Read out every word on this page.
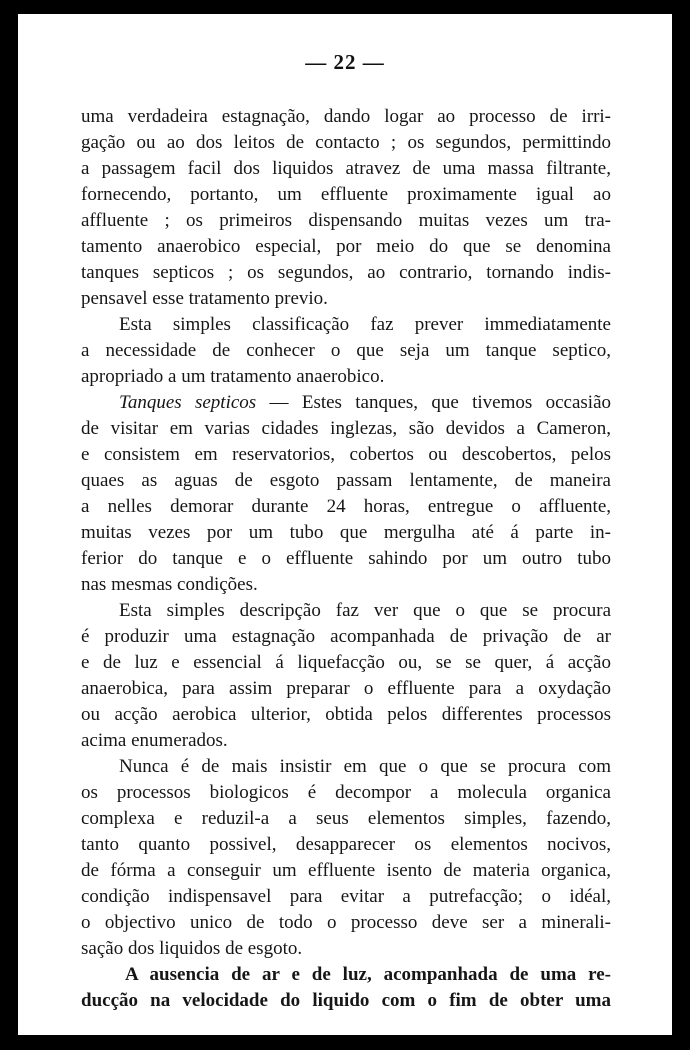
— 22 —
uma verdadeira estagnação, dando logar ao processo de irri-
gação ou ao dos leitos de contacto ; os segundos, permittindo
a passagem facil dos liquidos atravez de uma massa filtrante,
fornecendo, portanto, um effluente proximamente igual ao
affluente ; os primeiros dispensando muitas vezes um tra-
tamento anaerobico especial, por meio do que se denomina
tanques septicos ; os segundos, ao contrario, tornando indis-
pensavel esse tratamento previo.
Esta simples classificação faz prever immediatamente
a necessidade de conhecer o que seja um tanque septico,
apropriado a um tratamento anaerobico.
Tanques septicos — Estes tanques, que tivemos occasião
de visitar em varias cidades inglezas, são devidos a Cameron,
e consistem em reservatorios, cobertos ou descobertos, pelos
quaes as aguas de esgoto passam lentamente, de maneira
a nelles demorar durante 24 horas, entregue o affluente,
muitas vezes por um tubo que mergulha até á parte in-
ferior do tanque e o effluente sahindo por um outro tubo
nas mesmas condições.
Esta simples descripção faz ver que o que se procura
é produzir uma estagnação acompanhada de privação de ar
e de luz e essencial á liquefacção ou, se se quer, á acção
anaerobica, para assim preparar o effluente para a oxydação
ou acção aerobica ulterior, obtida pelos differentes processos
acima enumerados.
Nunca é de mais insistir em que o que se procura com
os processos biologicos é decompor a molecula organica
complexa e reduzil-a a seus elementos simples, fazendo,
tanto quanto possivel, desapparecer os elementos nocivos,
de fórma a conseguir um effluente isento de materia organica,
condição indispensavel para evitar a putrefacção; o idéal,
o objectivo unico de todo o processo deve ser a minerali-
sação dos liquidos de esgoto.
A ausencia de ar e de luz, acompanhada de uma re-
ducção na velocidade do liquido com o fim de obter uma
